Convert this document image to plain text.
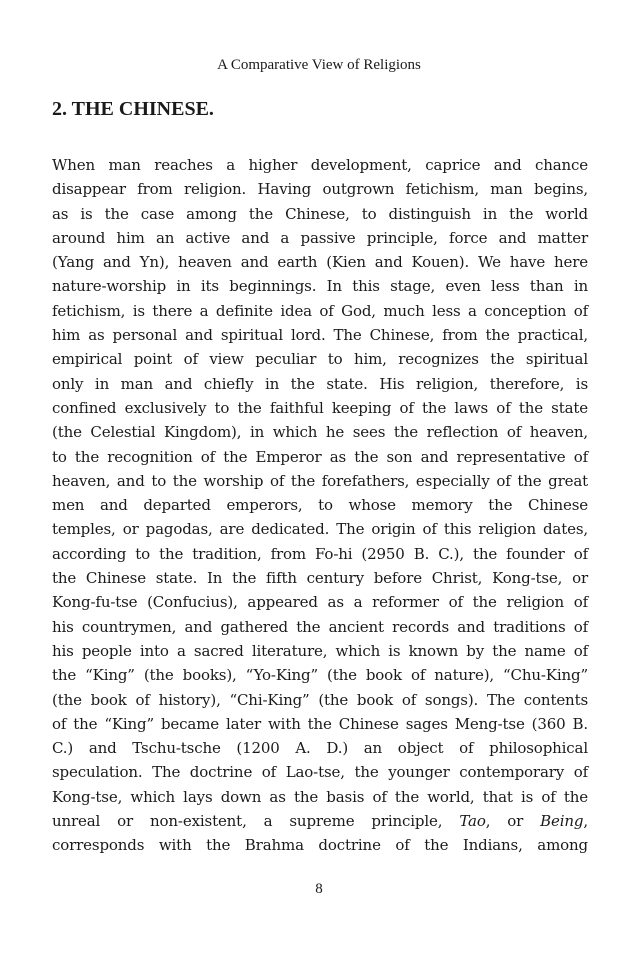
A Comparative View of Religions
2. THE CHINESE.
When man reaches a higher development, caprice and chance
disappear from religion. Having outgrown fetichism, man begins,
as is the case among the Chinese, to distinguish in the world
around him an active and a passive principle, force and matter
(Yang and Yn), heaven and earth (Kien and Kouen). We have here
nature-worship in its beginnings. In this stage, even less than in
fetichism, is there a definite idea of God, much less a conception of
him as personal and spiritual lord. The Chinese, from the practical,
empirical point of view peculiar to him, recognizes the spiritual
only in man and chiefly in the state. His religion, therefore, is
confined exclusively to the faithful keeping of the laws of the state
(the Celestial Kingdom), in which he sees the reflection of heaven,
to the recognition of the Emperor as the son and representative of
heaven, and to the worship of the forefathers, especially of the great
men and departed emperors, to whose memory the Chinese
temples, or pagodas, are dedicated. The origin of this religion dates,
according to the tradition, from Fo-hi (2950 B. C.), the founder of
the Chinese state. In the fifth century before Christ, Kong-tse, or
Kong-fu-tse (Confucius), appeared as a reformer of the religion of
his countrymen, and gathered the ancient records and traditions of
his people into a sacred literature, which is known by the name of
the “King” (the books), “Yo-King” (the book of nature), “Chu-King”
(the book of history), “Chi-King” (the book of songs). The contents
of the “King” became later with the Chinese sages Meng-tse (360 B.
C.) and Tschu-tsche (1200 A. D.) an object of philosophical
speculation. The doctrine of Lao-tse, the younger contemporary of
Kong-tse, which lays down as the basis of the world, that is of the
unreal or non-existent, a supreme principle, Tao, or Being,
corresponds with the Brahma doctrine of the Indians, among
8
